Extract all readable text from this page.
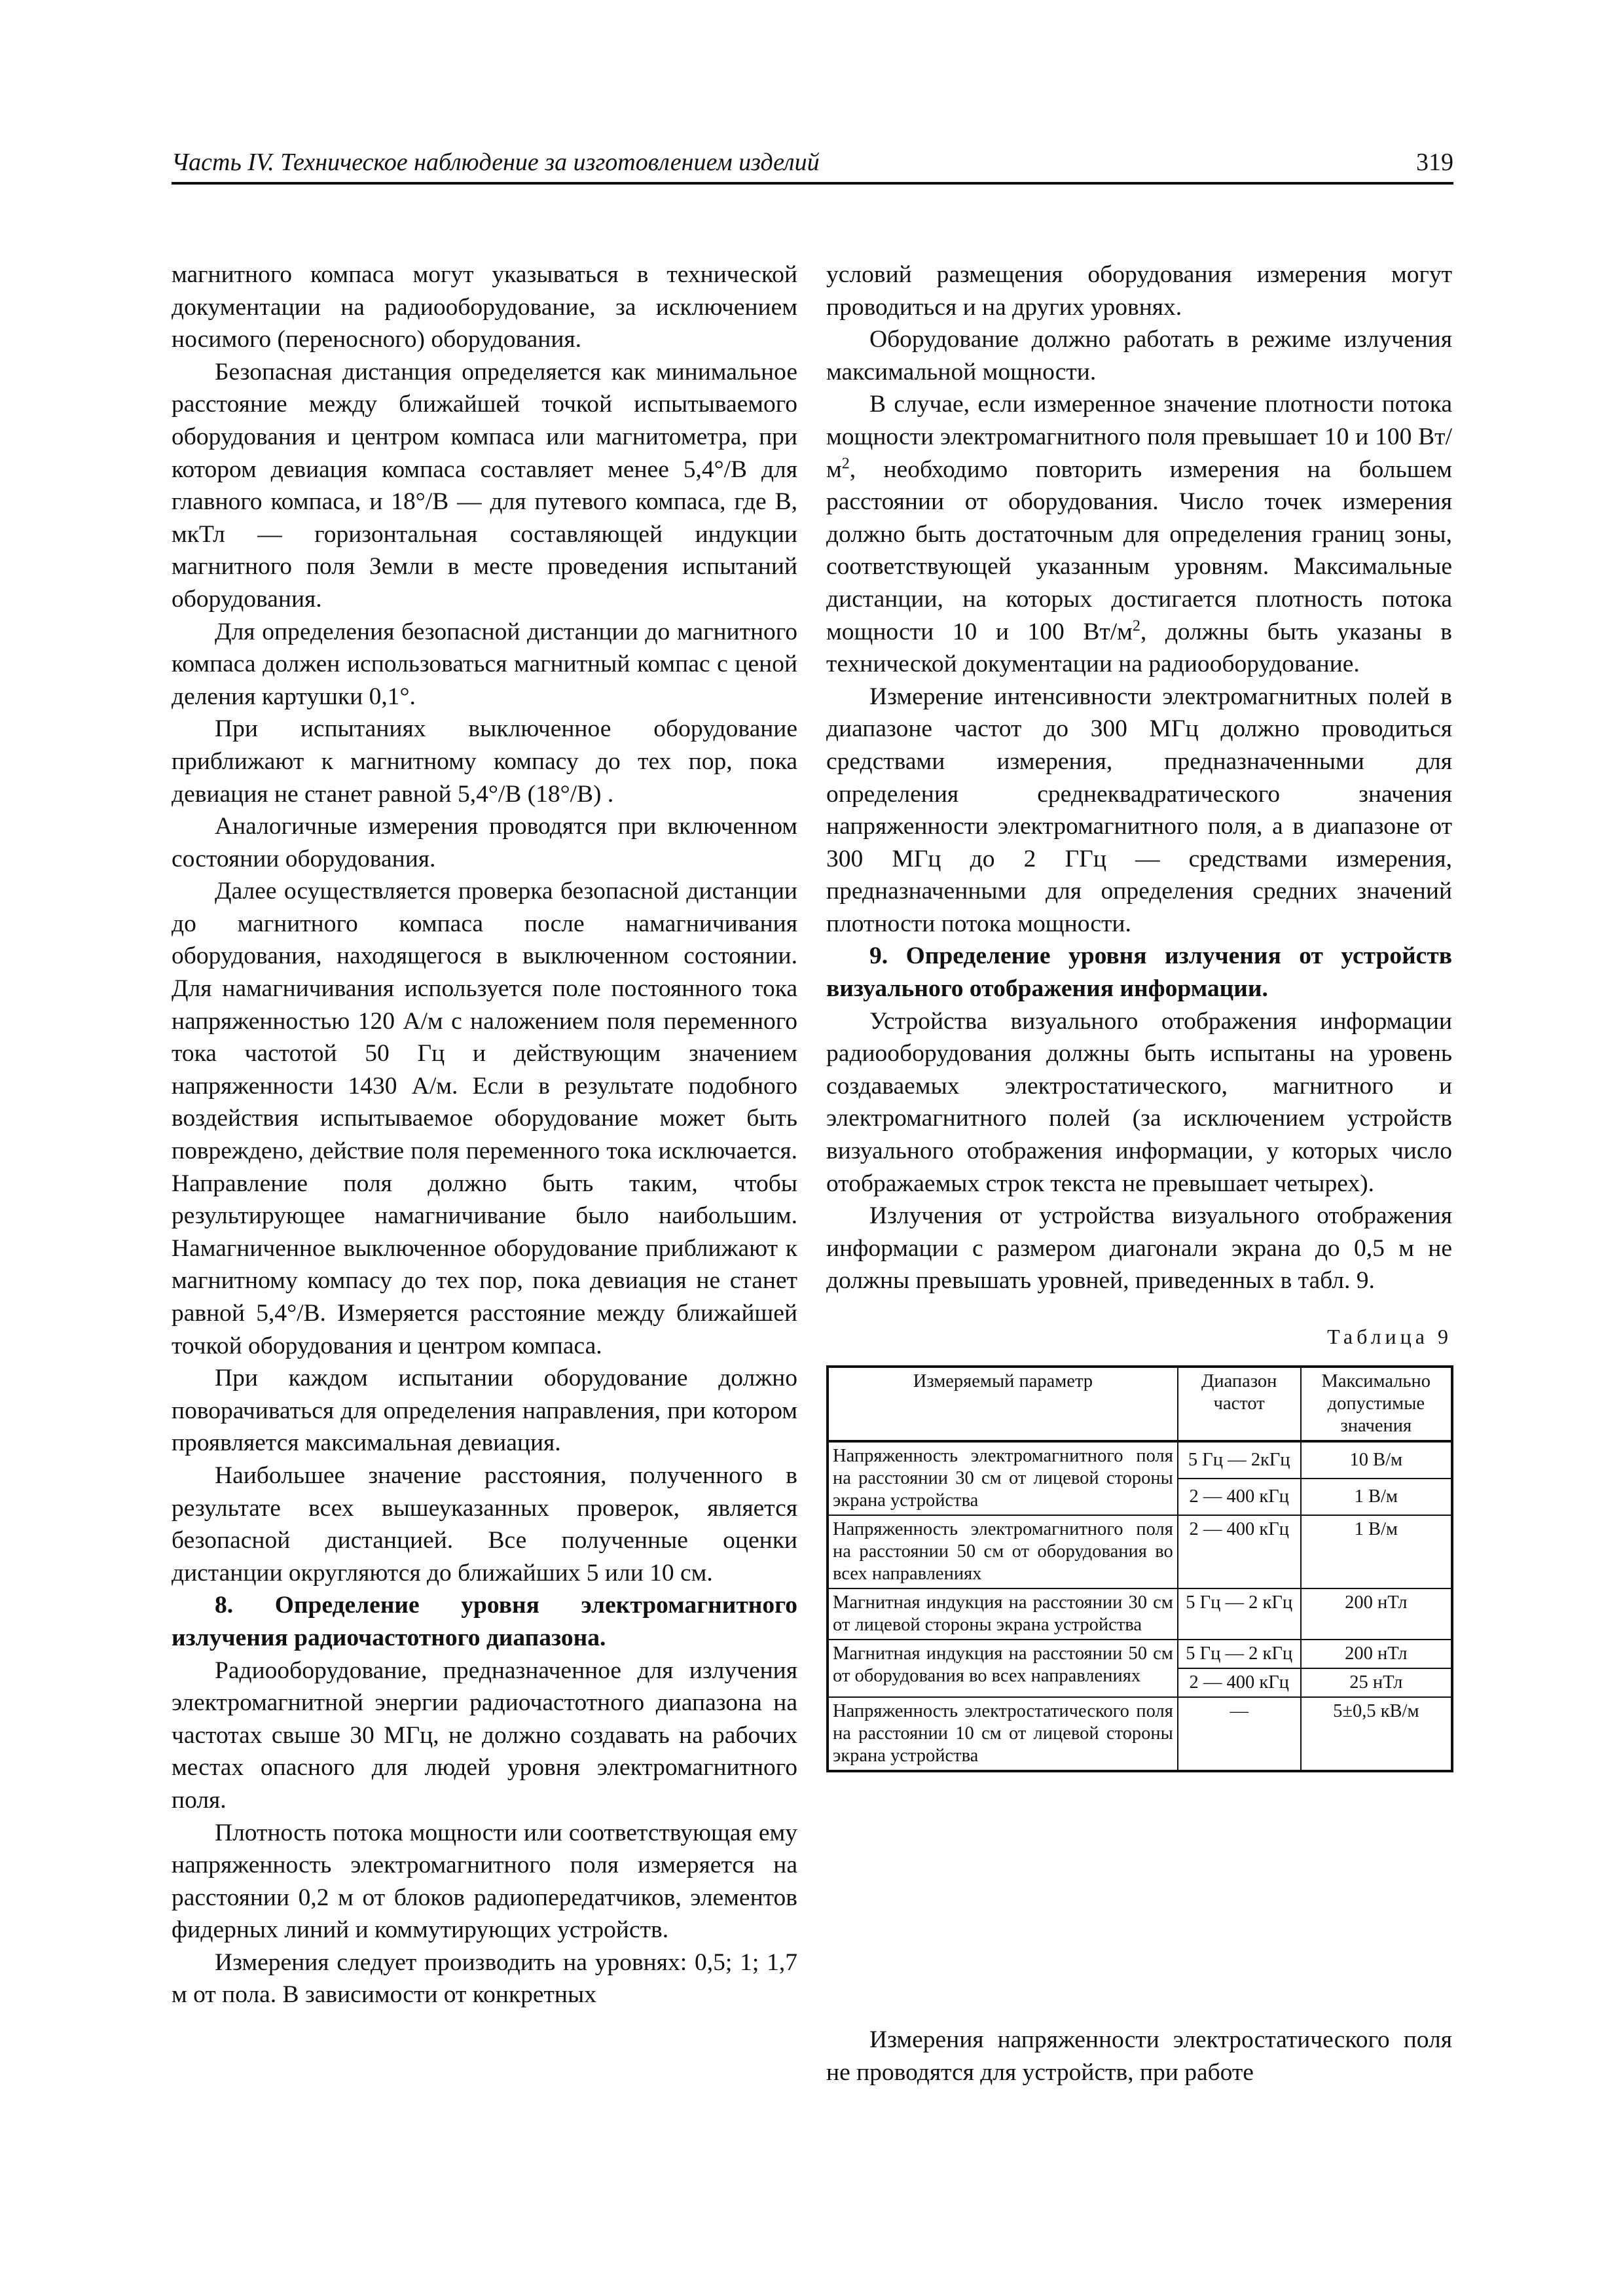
Часть IV. Техническое наблюдение за изготовлением изделий	319

магнитного компаса могут указываться в технической документации на радиооборудование, за исключением носимого (переносного) оборудования.

Безопасная дистанция определяется как минимальное расстояние между ближайшей точкой испытываемого оборудования и центром компаса или магнитометра, при котором девиация компаса составляет менее 5,4°/B для главного компаса, и 18°/B — для путевого компаса, где B, мкТл — горизонтальная составляющей индукции магнитного поля Земли в месте проведения испытаний оборудования.

Для определения безопасной дистанции до магнитного компаса должен использоваться магнитный компас с ценой деления картушки 0,1°.

При испытаниях выключенное оборудование приближают к магнитному компасу до тех пор, пока девиация не станет равной 5,4°/B (18°/B) .

Аналогичные измерения проводятся при включенном состоянии оборудования.

Далее осуществляется проверка безопасной дистанции до магнитного компаса после намагничивания оборудования, находящегося в выключенном состоянии. Для намагничивания используется поле постоянного тока напряженностью 120 А/м с наложением поля переменного тока частотой 50 Гц и действующим значением напряженности 1430 А/м. Если в результате подобного воздействия испытываемое оборудование может быть повреждено, действие поля переменного тока исключается. Направление поля должно быть таким, чтобы результирующее намагничивание было наибольшим. Намагниченное выключенное оборудование приближают к магнитному компасу до тех пор, пока девиация не станет равной 5,4°/B. Измеряется расстояние между ближайшей точкой оборудования и центром компаса.

При каждом испытании оборудование должно поворачиваться для определения направления, при котором проявляется максимальная девиация.

Наибольшее значение расстояния, полученного в результате всех вышеуказанных проверок, является безопасной дистанцией. Все полученные оценки дистанции округляются до ближайших 5 или 10 см.

8. Определение уровня электромагнитного излучения радиочастотного диапазона.

Радиооборудование, предназначенное для излучения электромагнитной энергии радиочастотного диапазона на частотах свыше 30 МГц, не должно создавать на рабочих местах опасного для людей уровня электромагнитного поля.

Плотность потока мощности или соответствующая ему напряженность электромагнитного поля измеряется на расстоянии 0,2 м от блоков радиопередатчиков, элементов фидерных линий и коммутирующих устройств.

Измерения следует производить на уровнях: 0,5; 1; 1,7 м от пола. В зависимости от конкретных

условий размещения оборудования измерения могут проводиться и на других уровнях.

Оборудование должно работать в режиме излучения максимальной мощности.

В случае, если измеренное значение плотности потока мощности электромагнитного поля превышает 10 и 100 $Вт/м^2$, необходимо повторить измерения на большем расстоянии от оборудования. Число точек измерения должно быть достаточным для определения границ зоны, соответствующей указанным уровням. Максимальные дистанции, на которых достигается плотность потока мощности 10 и 100 $Вт/м^2$, должны быть указаны в технической документации на радиооборудование.

Измерение интенсивности электромагнитных полей в диапазоне частот до 300 МГц должно проводиться средствами измерения, предназначенными для определения среднеквадратического значения напряженности электромагнитного поля, а в диапазоне от 300 МГц до 2 ГГц — средствами измерения, предназначенными для определения средних значений плотности потока мощности.

9. Определение уровня излучения от устройств визуального отображения информации.

Устройства визуального отображения информации радиооборудования должны быть испытаны на уровень создаваемых электростатического, магнитного и электромагнитного полей (за исключением устройств визуального отображения информации, у которых число отображаемых строк текста не превышает четырех).

Излучения от устройства визуального отображения информации с размером диагонали экрана до 0,5 м не должны превышать уровней, приведенных в табл. 9.

Таблица 9
Измеряемый параметр	Диапазон частот	Максимально допустимые значения
Напряженность электромагнитного поля на расстоянии 30 см от лицевой стороны экрана устройства	5 Гц — 2кГц	10 В/м
	2 — 400 кГц	1 В/м
Напряженность электромагнитного поля на расстоянии 50 см от оборудования во всех направлениях	2 — 400 кГц	1 В/м
Магнитная индукция на расстоянии 30 см от лицевой стороны экрана устройства	5 Гц — 2 кГц	200 нТл
Магнитная индукция на расстоянии 50 см от оборудования во всех направлениях	5 Гц — 2 кГц	200 нТл
	2 — 400 кГц	25 нТл
Напряженность электростатического поля на расстоянии 10 см от лицевой стороны экрана устройства	—	5±0,5 кВ/м

Измерения напряженности электростатического поля не проводятся для устройств, при работе
